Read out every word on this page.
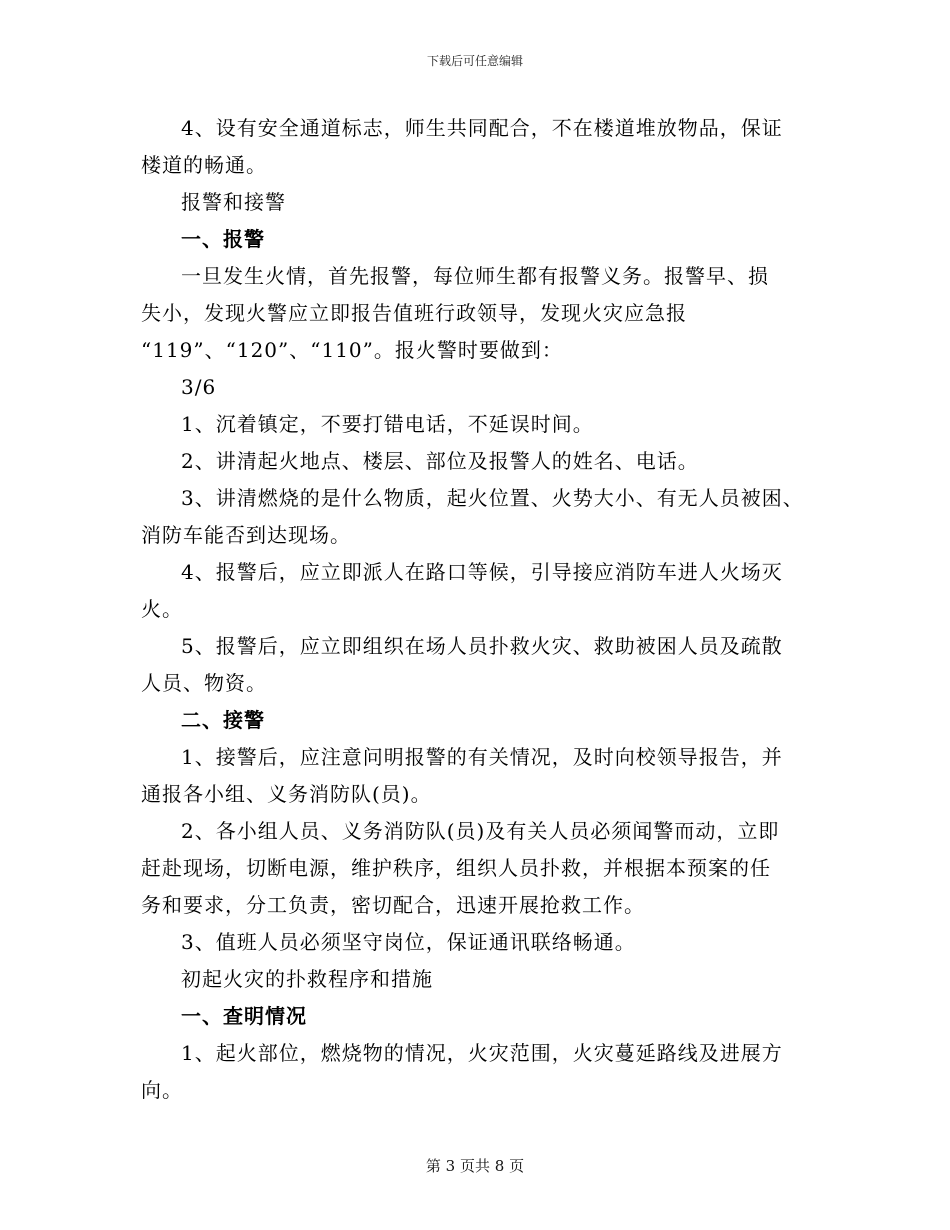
下载后可任意编辑
4、设有安全通道标志，师生共同配合，不在楼道堆放物品，保证
楼道的畅通。
报警和接警
一、报警
一旦发生火情，首先报警，每位师生都有报警义务。报警早、损
失小，发现火警应立即报告值班行政领导，发现火灾应急报
“119”、“120”、“110”。报火警时要做到：
3/6
1、沉着镇定，不要打错电话，不延误时间。
2、讲清起火地点、楼层、部位及报警人的姓名、电话。
3、讲清燃烧的是什么物质，起火位置、火势大小、有无人员被困、
消防车能否到达现场。
4、报警后，应立即派人在路口等候，引导接应消防车进人火场灭
火。
5、报警后，应立即组织在场人员扑救火灾、救助被困人员及疏散
人员、物资。
二、接警
1、接警后，应注意问明报警的有关情况，及时向校领导报告，并
通报各小组、义务消防队(员)。
2、各小组人员、义务消防队(员)及有关人员必须闻警而动，立即
赶赴现场，切断电源，维护秩序，组织人员扑救，并根据本预案的任
务和要求，分工负责，密切配合，迅速开展抢救工作。
3、值班人员必须坚守岗位，保证通讯联络畅通。
初起火灾的扑救程序和措施
一、查明情况
1、起火部位，燃烧物的情况，火灾范围，火灾蔓延路线及进展方
向。
第 3 页共 8 页
